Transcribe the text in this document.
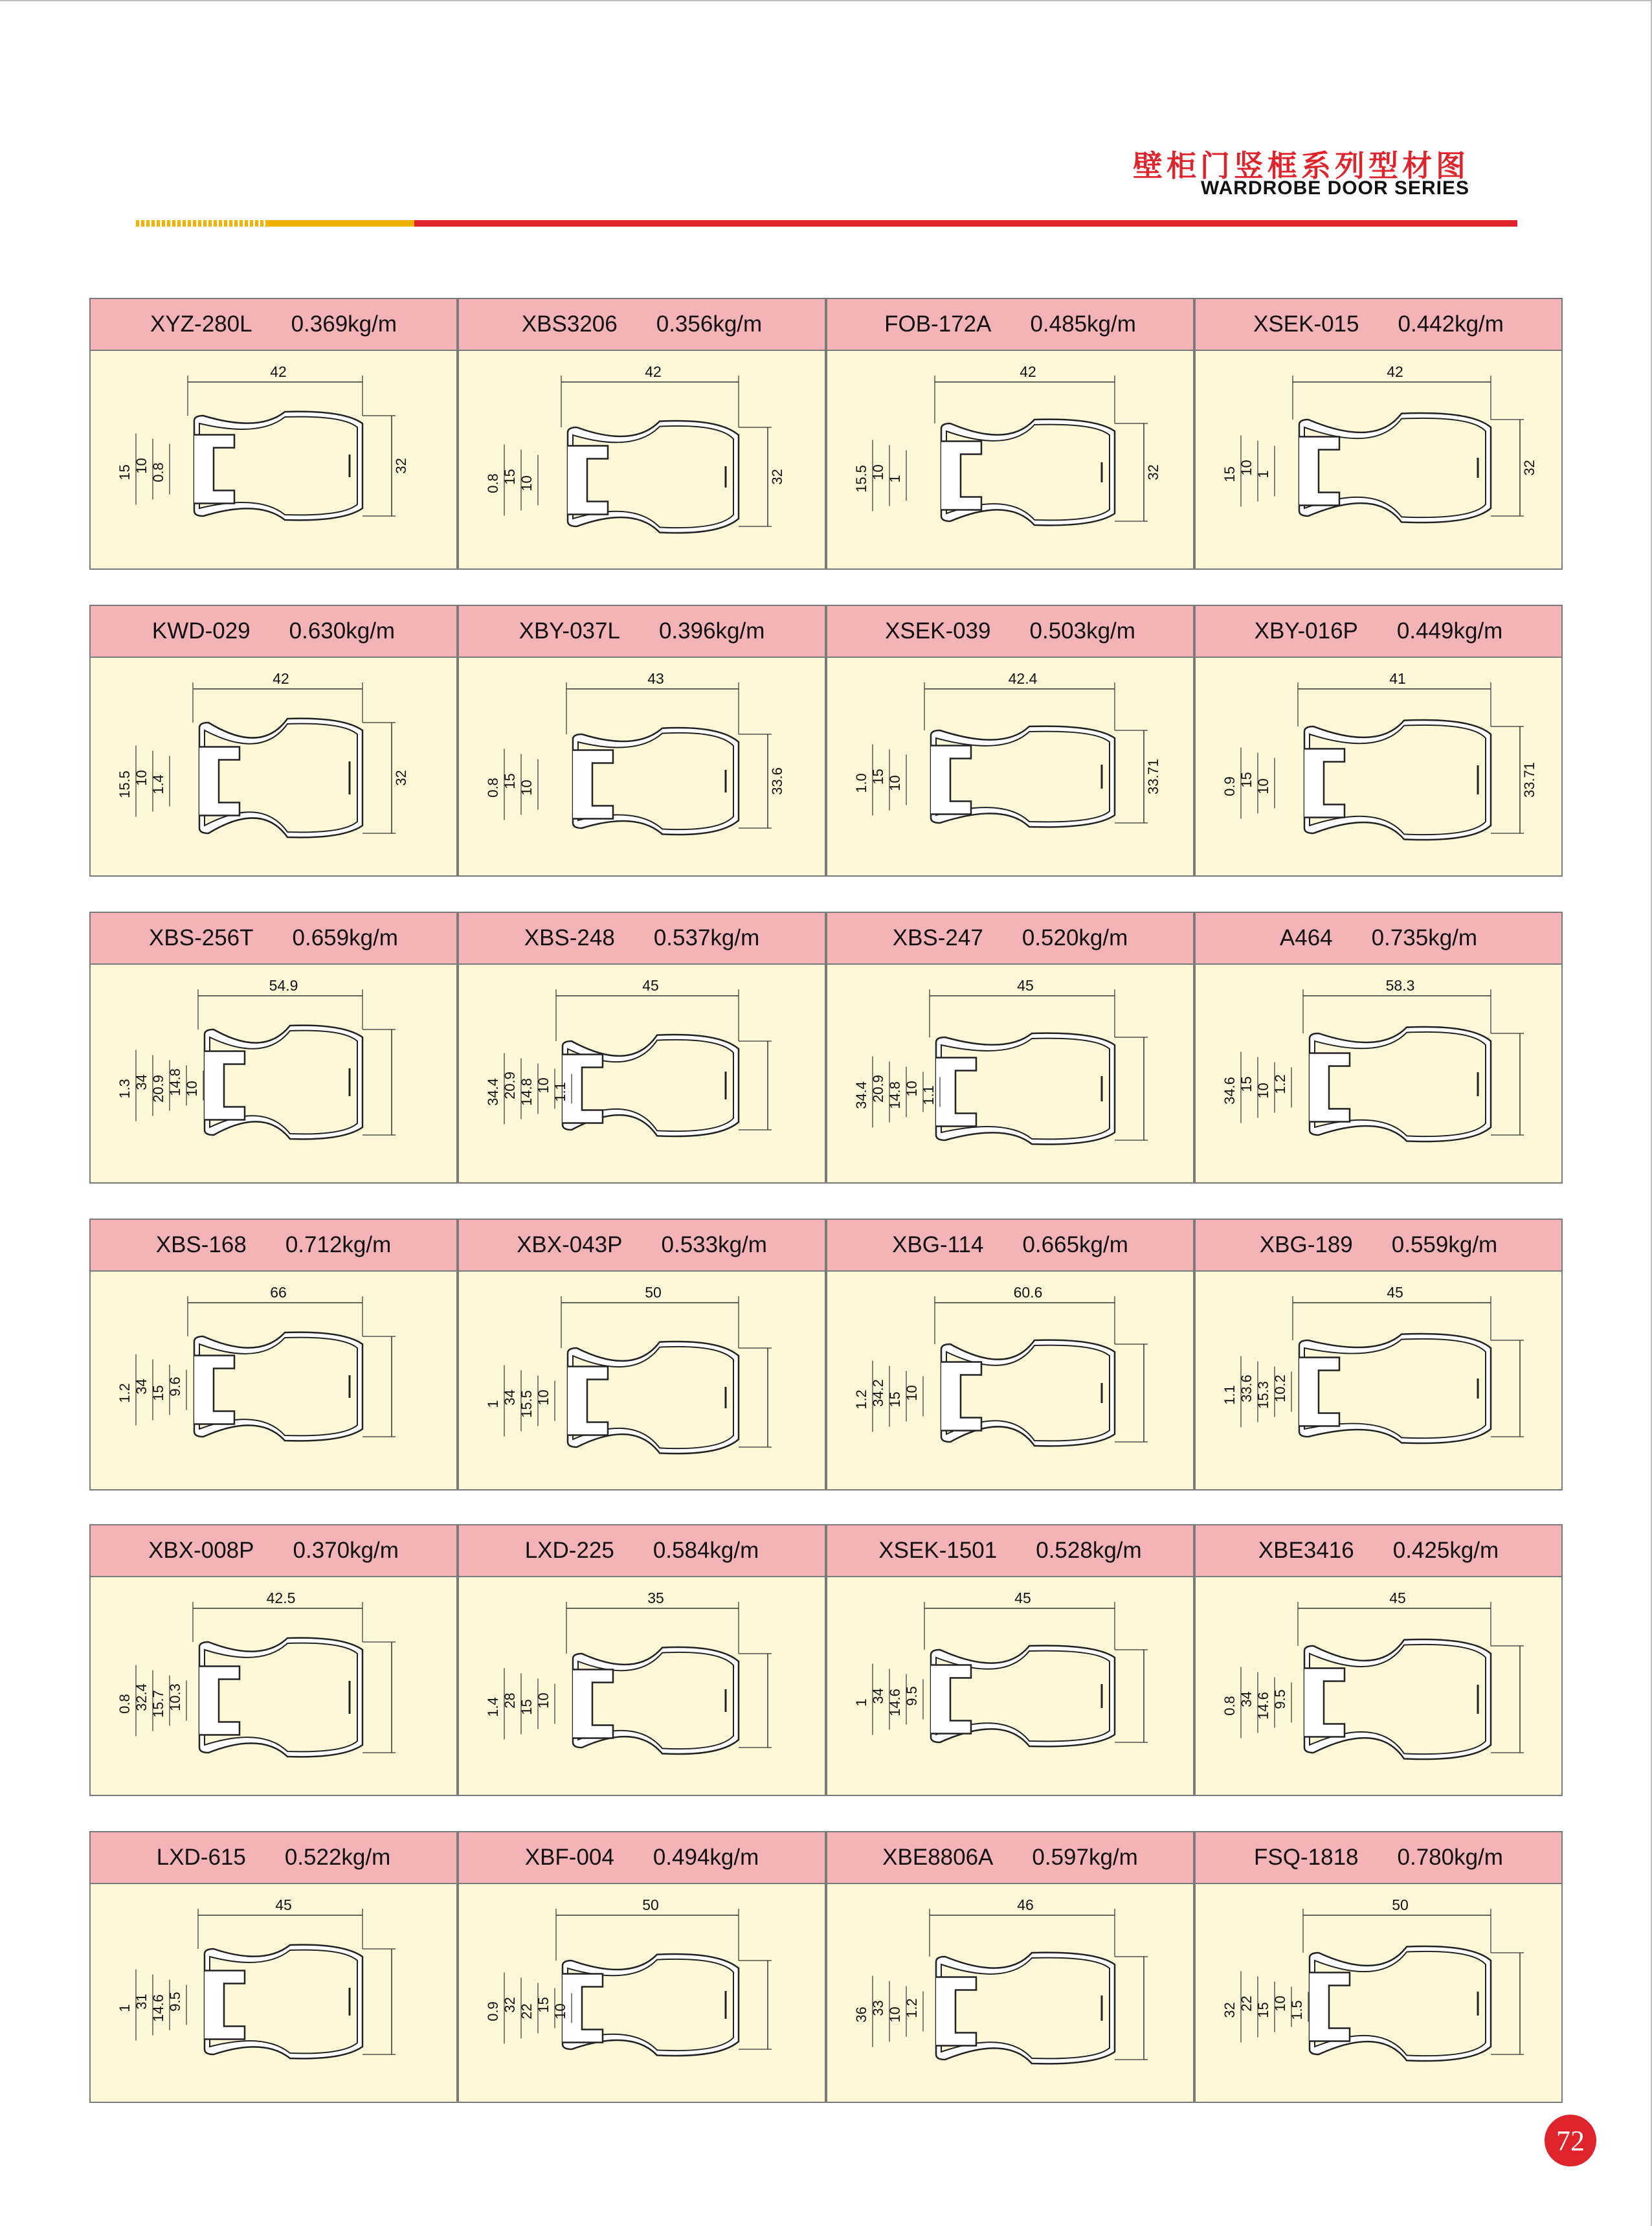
壁柜门竖框系列型材图
WARDROBE DOOR SERIES
XYZ-280L 0.369kg/m
42
15 10 0.8	32
XBS3206 0.356kg/m
42
0.8 15 10	32
FOB-172A 0.485kg/m
42
15.5 10 1	32
XSEK-015 0.442kg/m
42
15 10 1	32
KWD-029 0.630kg/m
42
15.5 10 1.4	32
XBY-037L 0.396kg/m
43
0.8 15 10	33.6
XSEK-039 0.503kg/m
42.4
1.0 15 10	33.71
XBY-016P 0.449kg/m
41
0.9 15 10	33.71
XBS-256T 0.659kg/m
54.9
1.3 34 20.9 14.8 10
XBS-248 0.537kg/m
45
34.4 20.9 14.8 10 1.1
XBS-247 0.520kg/m
45
34.4 20.9 14.8 10 1.1
A464 0.735kg/m
58.3
34.6 15 10 1.2
XBS-168 0.712kg/m
66
1.2 34 15 9.6
XBX-043P 0.533kg/m
50
1 34 15.5 10
XBG-114 0.665kg/m
60.6
1.2 34.2 15 10
XBG-189 0.559kg/m
45
1.1 33.6 15.3 10.2
XBX-008P 0.370kg/m
42.5
0.8 32.4 15.7 10.3
LXD-225 0.584kg/m
35
1.4 28 15 10
XSEK-1501 0.528kg/m
45
1 34 14.6 9.5
XBE3416 0.425kg/m
45
0.8 34 14.6 9.5
LXD-615 0.522kg/m
45
1 31 14.6 9.5
XBF-004 0.494kg/m
50
0.9 32 22 15 10
XBE8806A 0.597kg/m
46
36 33 10 1.2
FSQ-1818 0.780kg/m
50
32 22 15 10 1.5
72
